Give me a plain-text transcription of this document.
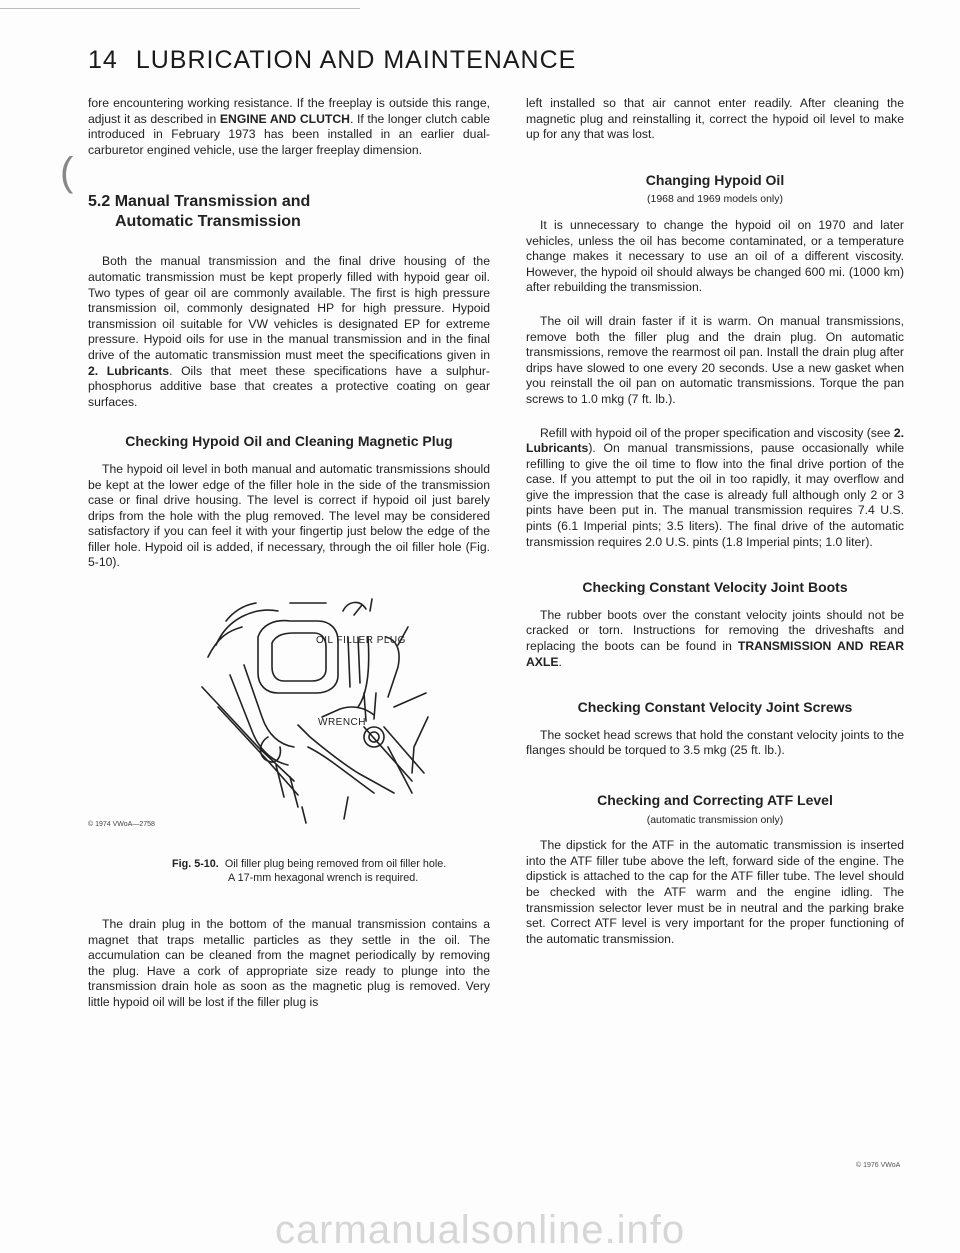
14 LUBRICATION AND MAINTENANCE
(

fore encountering working resistance. If the freeplay is outside this range, adjust it as described in ENGINE AND CLUTCH. If the longer clutch cable introduced in February 1973 has been installed in an earlier dual-carburetor engined vehicle, use the larger freeplay dimension.

5.2 Manual Transmission and
Automatic Transmission

Both the manual transmission and the final drive housing of the automatic transmission must be kept properly filled with hypoid gear oil. Two types of gear oil are commonly available. The first is high pressure transmission oil, commonly designated HP for high pressure. Hypoid transmission oil suitable for VW vehicles is designated EP for extreme pressure. Hypoid oils for use in the manual transmission and in the final drive of the automatic transmission must meet the specifications given in 2. Lubricants. Oils that meet these specifications have a sulphur-phosphorus additive base that creates a protective coating on gear surfaces.

Checking Hypoid Oil and Cleaning Magnetic Plug

The hypoid oil level in both manual and automatic transmissions should be kept at the lower edge of the filler hole in the side of the transmission case or final drive housing. The level is correct if hypoid oil just barely drips from the hole with the plug removed. The level may be considered satisfactory if you can feel it with your fingertip just below the edge of the filler hole. Hypoid oil is added, if necessary, through the oil filler hole (Fig. 5-10).

OIL FILLER PLUG
WRENCH
© 1974 VWoA—2758
Fig. 5-10. Oil filler plug being removed from oil filler hole.
A 17-mm hexagonal wrench is required.

The drain plug in the bottom of the manual transmission contains a magnet that traps metallic particles as they settle in the oil. The accumulation can be cleaned from the magnet periodically by removing the plug. Have a cork of appropriate size ready to plunge into the transmission drain hole as soon as the magnetic plug is removed. Very little hypoid oil will be lost if the filler plug is

left installed so that air cannot enter readily. After cleaning the magnetic plug and reinstalling it, correct the hypoid oil level to make up for any that was lost.

Changing Hypoid Oil
(1968 and 1969 models only)

It is unnecessary to change the hypoid oil on 1970 and later vehicles, unless the oil has become contaminated, or a temperature change makes it necessary to use an oil of a different viscosity. However, the hypoid oil should always be changed 600 mi. (1000 km) after rebuilding the transmission.

The oil will drain faster if it is warm. On manual transmissions, remove both the filler plug and the drain plug. On automatic transmissions, remove the rearmost oil pan. Install the drain plug after drips have slowed to one every 20 seconds. Use a new gasket when you reinstall the oil pan on automatic transmissions. Torque the pan screws to 1.0 mkg (7 ft. lb.).

Refill with hypoid oil of the proper specification and viscosity (see 2. Lubricants). On manual transmissions, pause occasionally while refilling to give the oil time to flow into the final drive portion of the case. If you attempt to put the oil in too rapidly, it may overflow and give the impression that the case is already full although only 2 or 3 pints have been put in. The manual transmission requires 7.4 U.S. pints (6.1 Imperial pints; 3.5 liters). The final drive of the automatic transmission requires 2.0 U.S. pints (1.8 Imperial pints; 1.0 liter).

Checking Constant Velocity Joint Boots

The rubber boots over the constant velocity joints should not be cracked or torn. Instructions for removing the driveshafts and replacing the boots can be found in TRANSMISSION AND REAR AXLE.

Checking Constant Velocity Joint Screws

The socket head screws that hold the constant velocity joints to the flanges should be torqued to 3.5 mkg (25 ft. lb.).

Checking and Correcting ATF Level
(automatic transmission only)

The dipstick for the ATF in the automatic transmission is inserted into the ATF filler tube above the left, forward side of the engine. The dipstick is attached to the cap for the ATF filler tube. The level should be checked with the ATF warm and the engine idling. The transmission selector lever must be in neutral and the parking brake set. Correct ATF level is very important for the proper functioning of the automatic transmission.

© 1976 VWoA
carmanualsonline.info
